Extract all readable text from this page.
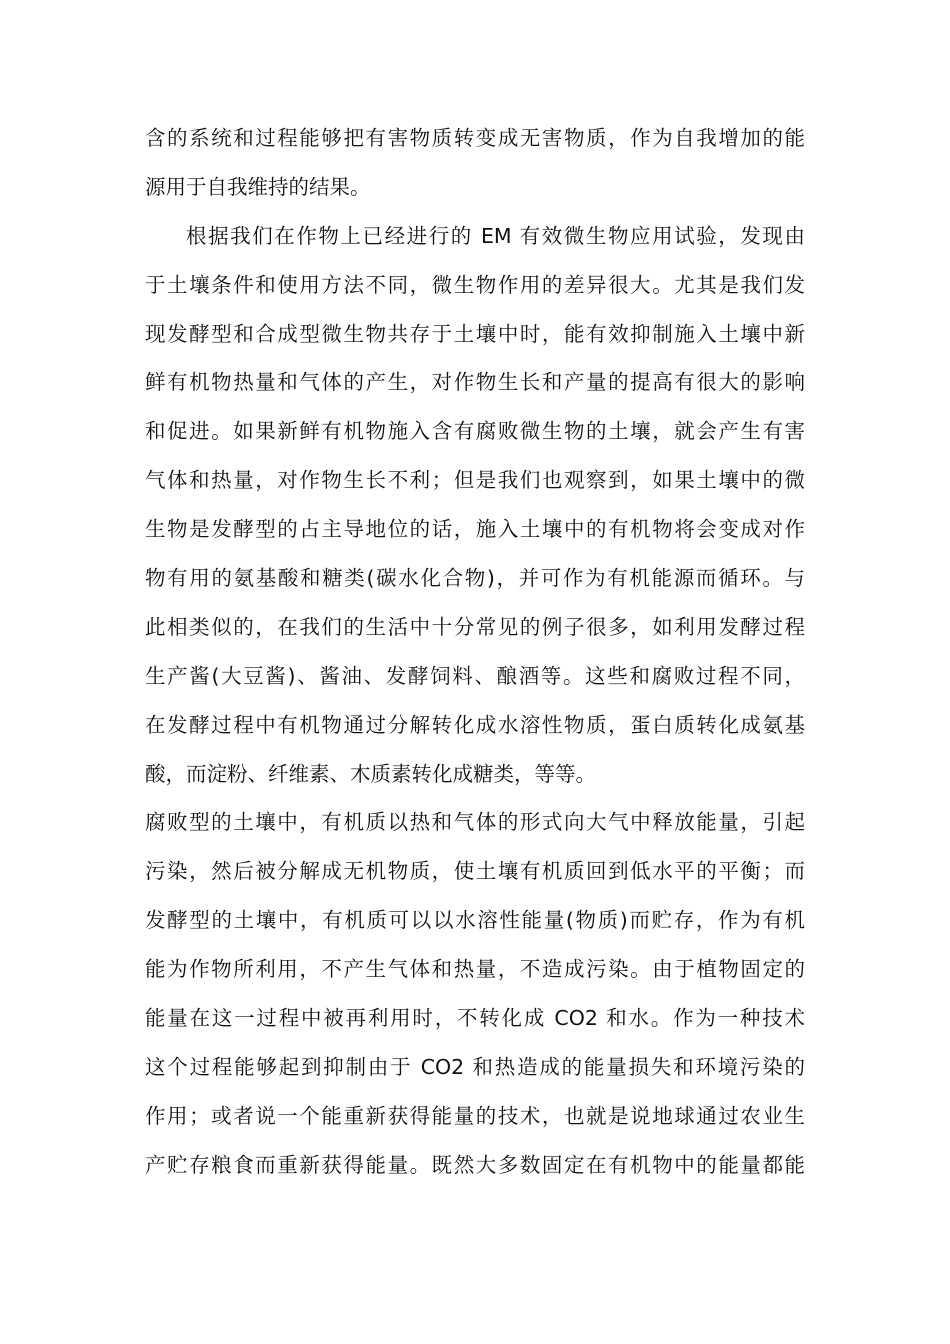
含的系统和过程能够把有害物质转变成无害物质，作为自我增加的能
源用于自我维持的结果。
根据我们在作物上已经进行的 EM 有效微生物应用试验，发现由
于土壤条件和使用方法不同，微生物作用的差异很大。尤其是我们发
现发酵型和合成型微生物共存于土壤中时，能有效抑制施入土壤中新
鲜有机物热量和气体的产生，对作物生长和产量的提高有很大的影响
和促进。如果新鲜有机物施入含有腐败微生物的土壤，就会产生有害
气体和热量，对作物生长不利；但是我们也观察到，如果土壤中的微
生物是发酵型的占主导地位的话，施入土壤中的有机物将会变成对作
物有用的氨基酸和糖类(碳水化合物)，并可作为有机能源而循环。与
此相类似的，在我们的生活中十分常见的例子很多，如利用发酵过程
生产酱(大豆酱)、酱油、发酵饲料、酿酒等。这些和腐败过程不同，
在发酵过程中有机物通过分解转化成水溶性物质，蛋白质转化成氨基
酸，而淀粉、纤维素、木质素转化成糖类，等等。
腐败型的土壤中，有机质以热和气体的形式向大气中释放能量，引起
污染，然后被分解成无机物质，使土壤有机质回到低水平的平衡；而
发酵型的土壤中，有机质可以以水溶性能量(物质)而贮存，作为有机
能为作物所利用，不产生气体和热量，不造成污染。由于植物固定的
能量在这一过程中被再利用时，不转化成 CO2 和水。作为一种技术
这个过程能够起到抑制由于 CO2 和热造成的能量损失和环境污染的
作用；或者说一个能重新获得能量的技术，也就是说地球通过农业生
产贮存粮食而重新获得能量。既然大多数固定在有机物中的能量都能
